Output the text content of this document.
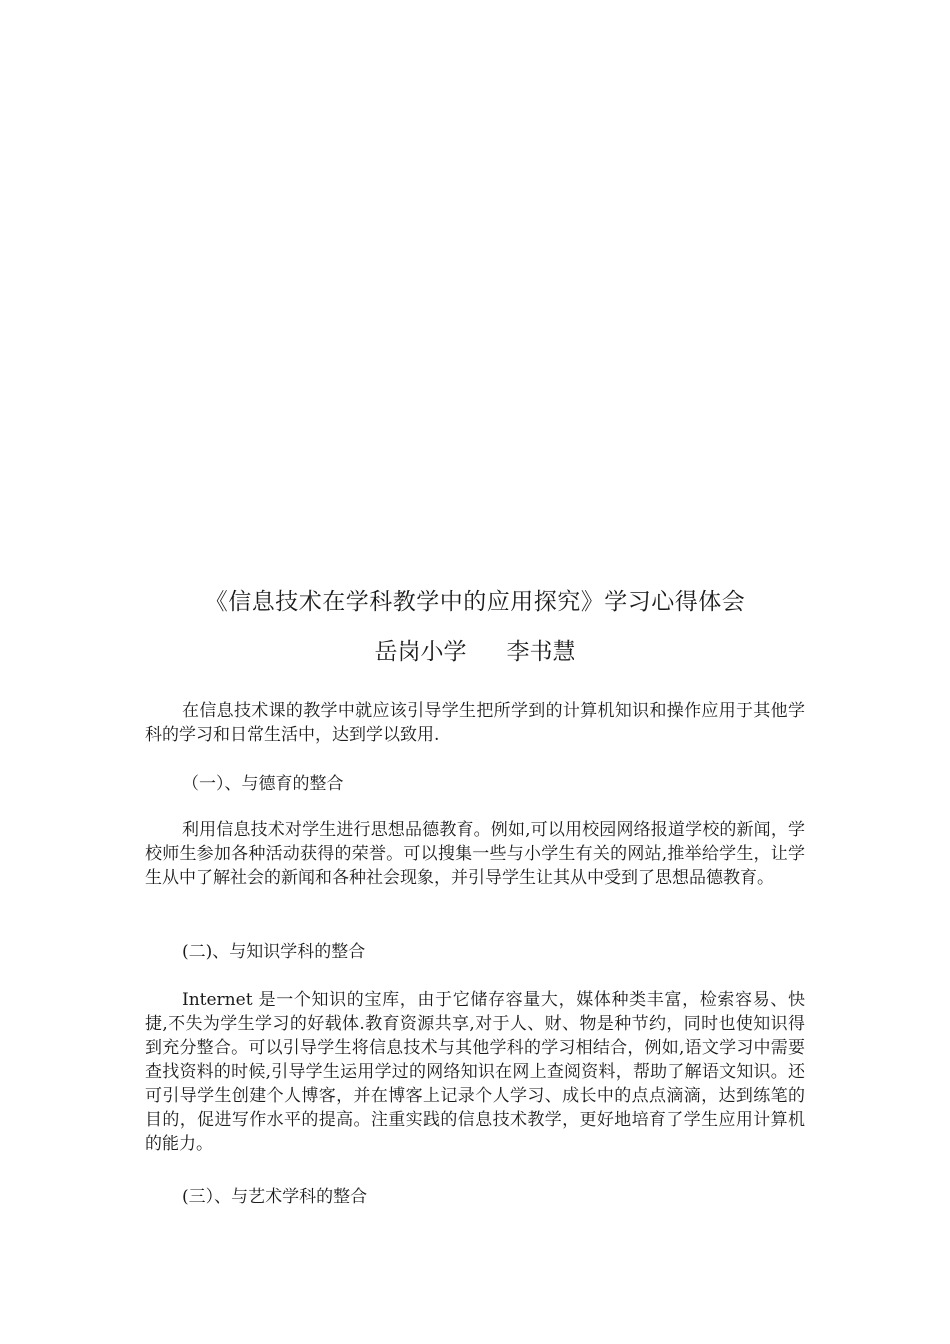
《信息技术在学科教学中的应用探究》学习心得体会
岳岗小学 李书慧

在信息技术课的教学中就应该引导学生把所学到的计算机知识和操作应用于其他学科的学习和日常生活中，达到学以致用.

（一）、与德育的整合

利用信息技术对学生进行思想品德教育。例如,可以用校园网络报道学校的新闻，学校师生参加各种活动获得的荣誉。可以搜集一些与小学生有关的网站,推举给学生，让学生从中了解社会的新闻和各种社会现象，并引导学生让其从中受到了思想品德教育。

(二)、与知识学科的整合

Internet 是一个知识的宝库，由于它储存容量大，媒体种类丰富，检索容易、快捷,不失为学生学习的好载体.教育资源共享,对于人、财、物是种节约，同时也使知识得到充分整合。可以引导学生将信息技术与其他学科的学习相结合，例如,语文学习中需要查找资料的时候,引导学生运用学过的网络知识在网上查阅资料，帮助了解语文知识。还可引导学生创建个人博客，并在博客上记录个人学习、成长中的点点滴滴，达到练笔的目的，促进写作水平的提高。注重实践的信息技术教学，更好地培育了学生应用计算机的能力。

(三）、与艺术学科的整合
